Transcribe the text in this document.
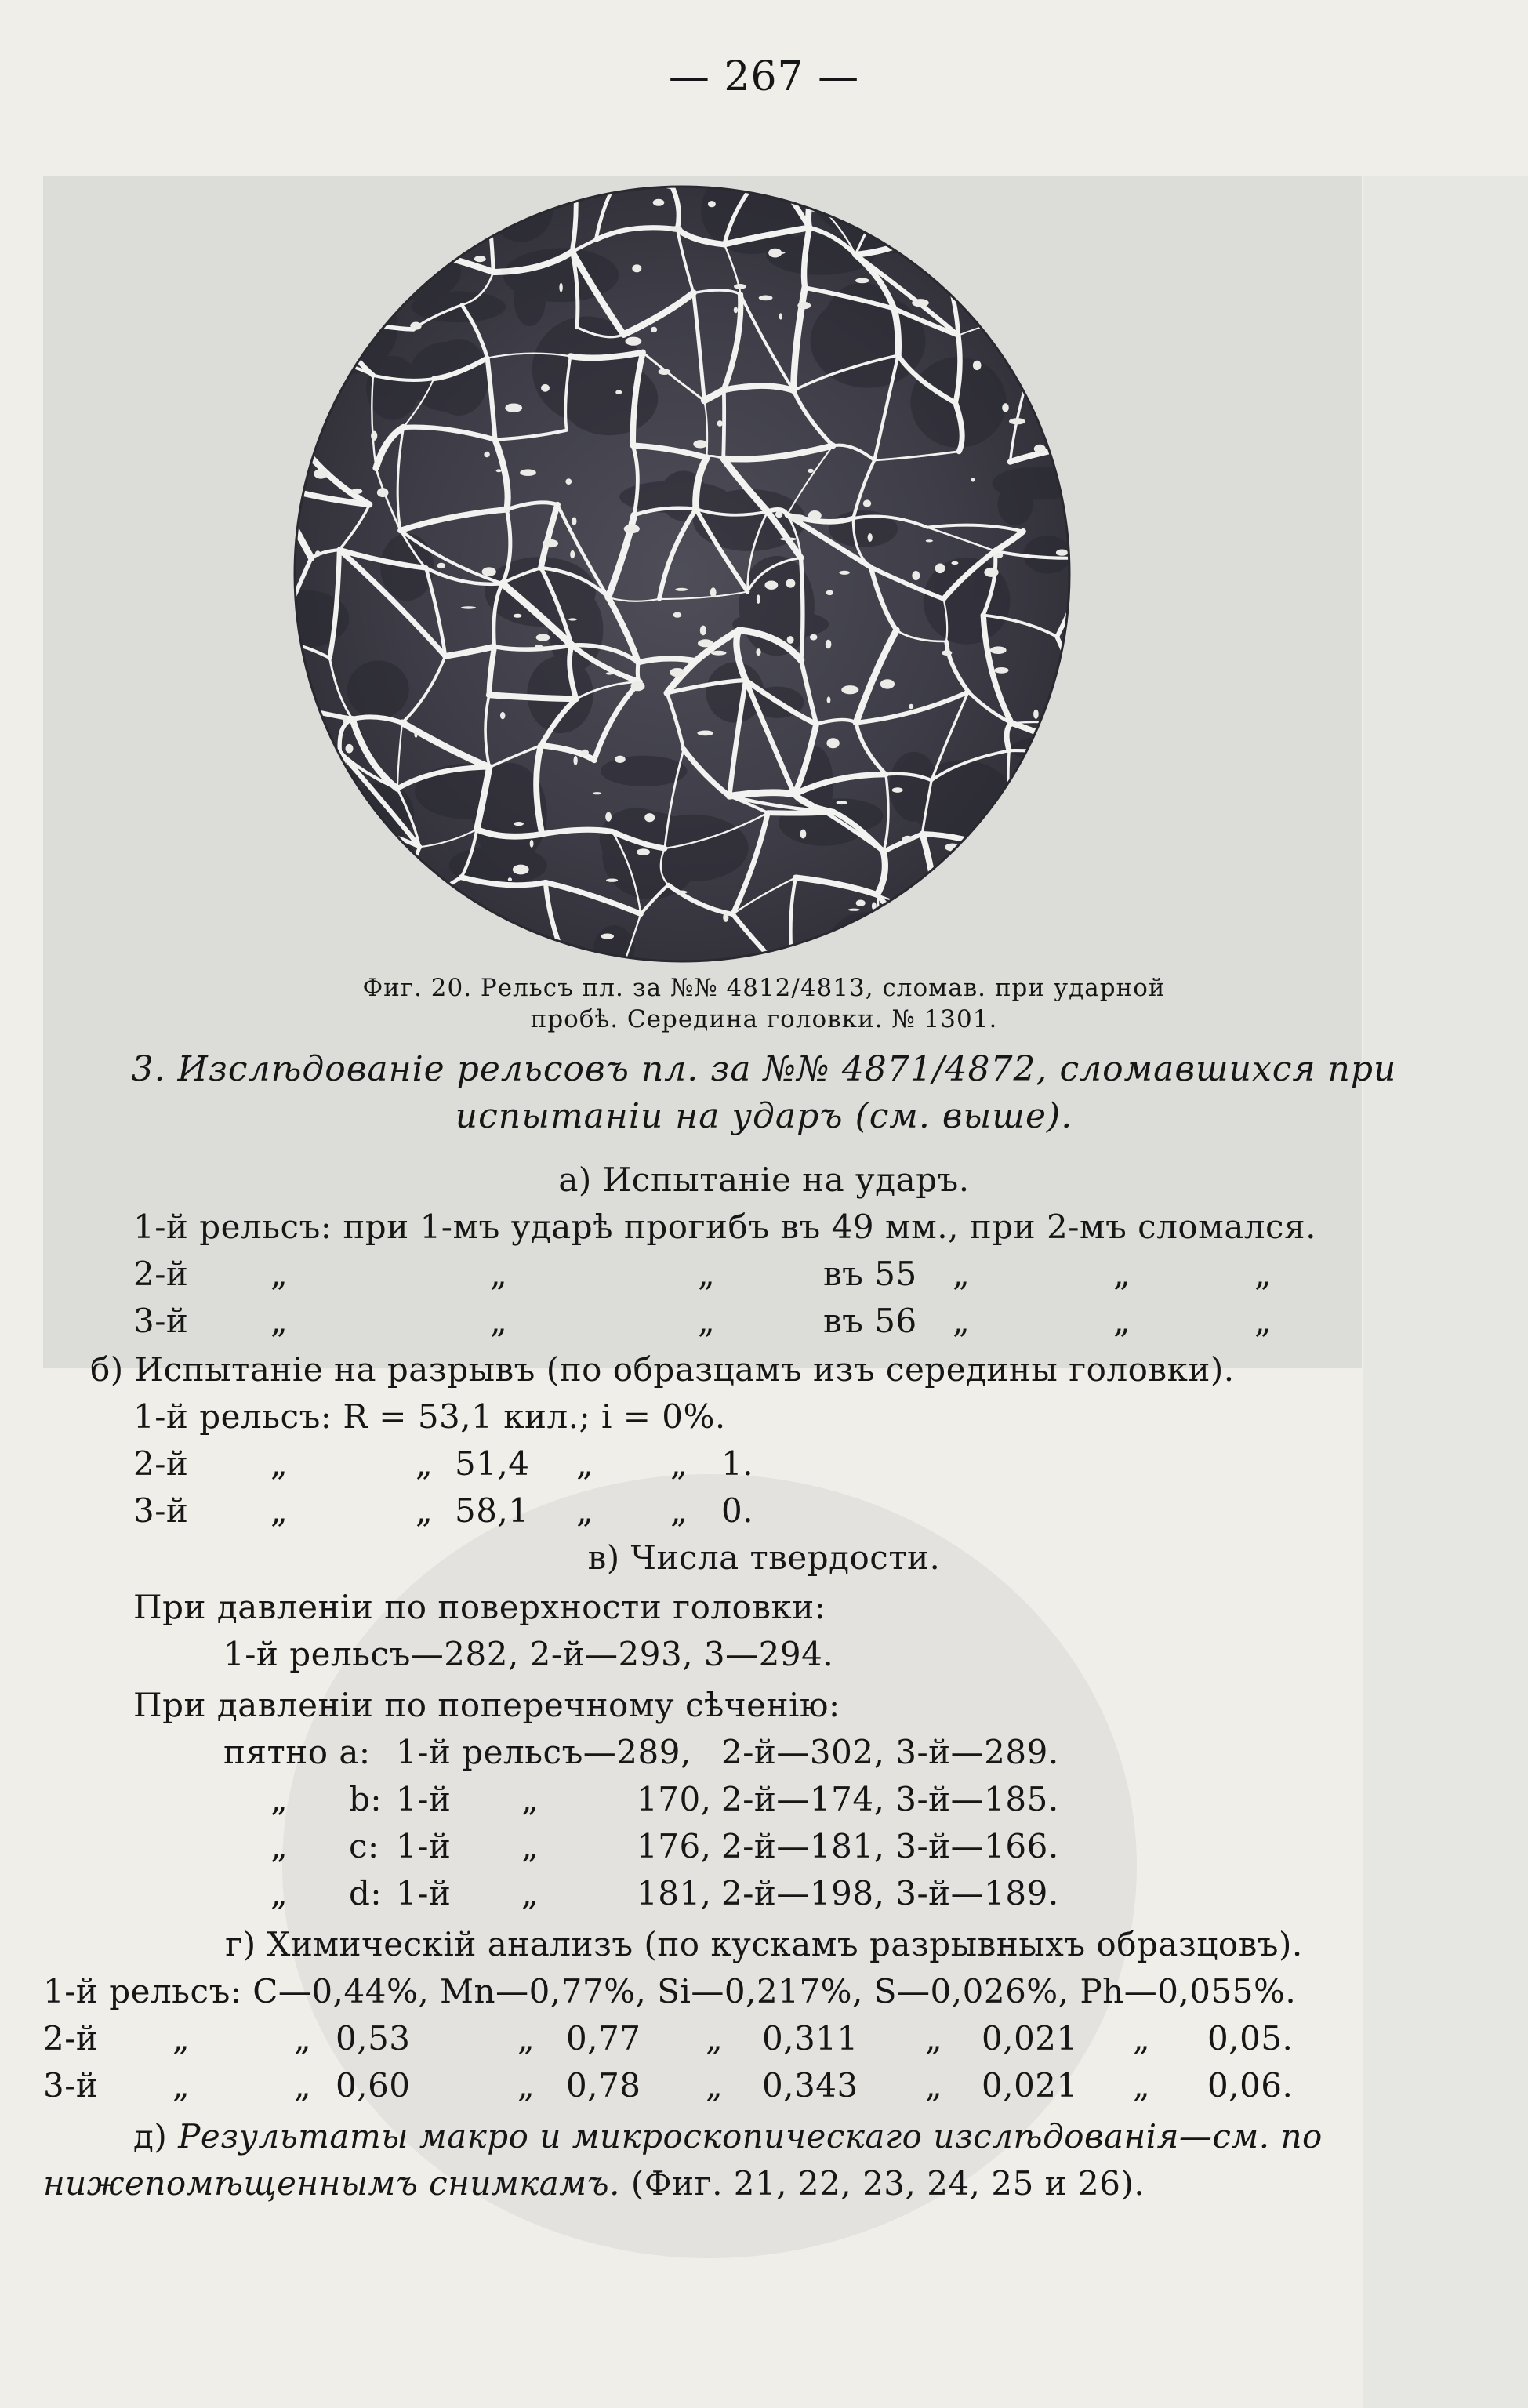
— 267 —
Фиг. 20. Рельсъ пл. за №№ 4812/4813, сломав. при ударной
пробѣ. Середина головки. № 1301.
3. Изслѣдованіе рельсовъ пл. за №№ 4871/4872, сломавшихся при
испытаніи на ударъ (см. выше).
а) Испытаніе на ударъ.
1-й рельсъ: при 1-мъ ударѣ прогибъ въ 49 мм., при 2-мъ сломался.
2-й „	„	„	въ 55 „	„	„
3-й „	„	„	въ 56 „	„	„
б) Испытаніе на разрывъ (по образцамъ изъ середины головки).
1-й рельсъ: R = 53,1 кил.; i = 0%.
2-й „	„ 51,4 „ „ 1.
3-й „	„ 58,1 „ „ 0.
в) Числа твердости.
При давленіи по поверхности головки:
1-й рельсъ—282, 2-й—293, 3—294.
При давленіи по поперечному сѣченію:
пятно a: 1-й рельсъ—289, 2-й—302, 3-й—289.
„ b: 1-й „	170, 2-й—174, 3-й—185.
„ c: 1-й „	176, 2-й—181, 3-й—166.
„ d: 1-й „	181, 2-й—198, 3-й—189.
г) Химическій анализъ (по кускамъ разрывныхъ образцовъ).
1-й рельсъ: C—0,44%, Mn—0,77%, Si—0,217%, S—0,026%, Ph—0,055%.
2-й „	„ 0,53	„ 0,77 „ 0,311 „ 0,021 „ 0,05.
3-й „	„ 0,60	„ 0,78 „ 0,343 „ 0,021 „ 0,06.
д) Результаты макро и микроскопическаго изслѣдованія—см. по
нижепомѣщеннымъ снимкамъ. (Фиг. 21, 22, 23, 24, 25 и 26).
